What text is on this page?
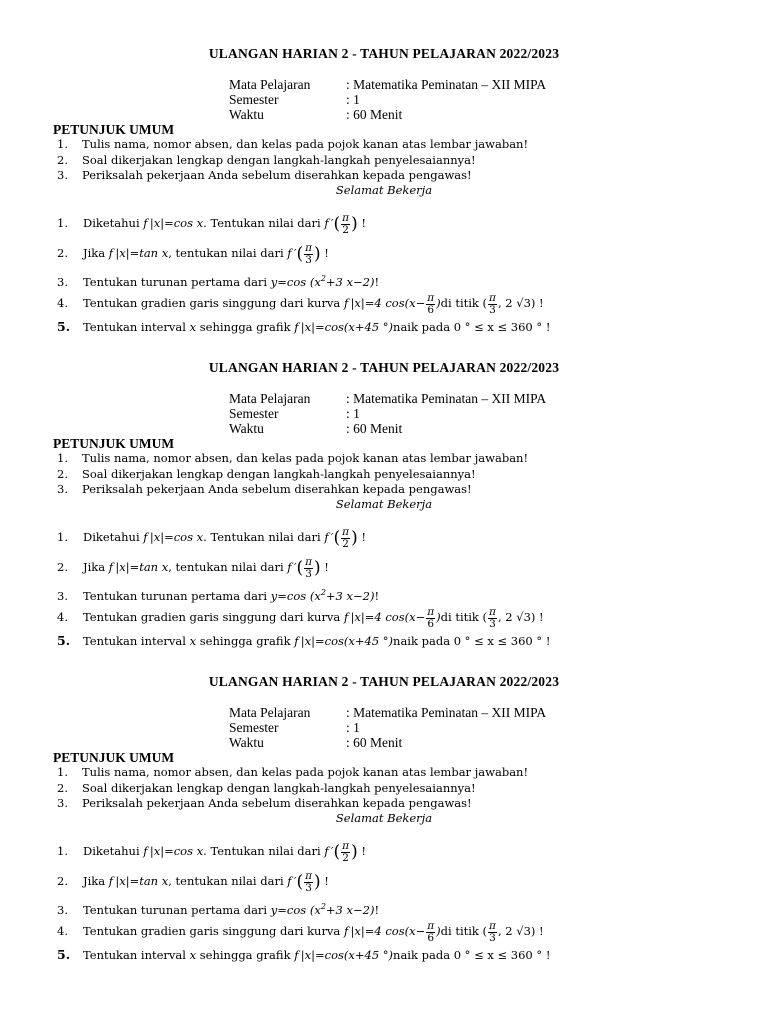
ULANGAN HARIAN 2 - TAHUN PELAJARAN 2022/2023
Mata Pelajaran	: Matematika Peminatan – XII MIPA
Semester	: 1
Waktu	: 60 Menit
PETUNJUK UMUM
1. Tulis nama, nomor absen, dan kelas pada pojok kanan atas lembar jawaban!
2. Soal dikerjakan lengkap dengan langkah-langkah penyelesaiannya!
3. Periksalah pekerjaan Anda sebelum diserahkan kepada pengawas!
Selamat Bekerja
1. Diketahui f |x|=cos x. Tentukan nilai dari f ′( $\frac{\pi}{2}$ ) !
2. Jika f |x|=tan x, tentukan nilai dari f ′( $\frac{\pi}{3}$ ) !
3. Tentukan turunan pertama dari y=cos ($x^2+3$ x−2)!
4. Tentukan gradien garis singgung dari kurva f |x|=4 $\cos(x- \frac{\pi}{6} )di$ titik ( $\frac{\pi}{3}$ , 2 √3) !
5. Tentukan interval x sehingga grafik f |x|=cos(x+45 °)naik pada 0 ° ≤ x ≤ 360 ° !
ULANGAN HARIAN 2 - TAHUN PELAJARAN 2022/2023
Mata Pelajaran	: Matematika Peminatan – XII MIPA
Semester	: 1
Waktu	: 60 Menit
PETUNJUK UMUM
1. Tulis nama, nomor absen, dan kelas pada pojok kanan atas lembar jawaban!
2. Soal dikerjakan lengkap dengan langkah-langkah penyelesaiannya!
3. Periksalah pekerjaan Anda sebelum diserahkan kepada pengawas!
Selamat Bekerja
1. Diketahui f |x|=cos x. Tentukan nilai dari f ′( $\frac{\pi}{2}$ ) !
2. Jika f |x|=tan x, tentukan nilai dari f ′( $\frac{\pi}{3}$ ) !
3. Tentukan turunan pertama dari y=cos ($x^2+3$ x−2)!
4. Tentukan gradien garis singgung dari kurva f |x|=4 $\cos(x- \frac{\pi}{6} )di$ titik ( $\frac{\pi}{3}$ , 2 √3) !
5. Tentukan interval x sehingga grafik f |x|=cos(x+45 °)naik pada 0 ° ≤ x ≤ 360 ° !
ULANGAN HARIAN 2 - TAHUN PELAJARAN 2022/2023
Mata Pelajaran	: Matematika Peminatan – XII MIPA
Semester	: 1
Waktu	: 60 Menit
PETUNJUK UMUM
1. Tulis nama, nomor absen, dan kelas pada pojok kanan atas lembar jawaban!
2. Soal dikerjakan lengkap dengan langkah-langkah penyelesaiannya!
3. Periksalah pekerjaan Anda sebelum diserahkan kepada pengawas!
Selamat Bekerja
1. Diketahui f |x|=cos x. Tentukan nilai dari f ′( $\frac{\pi}{2}$ ) !
2. Jika f |x|=tan x, tentukan nilai dari f ′( $\frac{\pi}{3}$ ) !
3. Tentukan turunan pertama dari y=cos ($x^2+3$ x−2)!
4. Tentukan gradien garis singgung dari kurva f |x|=4 $\cos(x- \frac{\pi}{6} )di$ titik ( $\frac{\pi}{3}$ , 2 √3) !
5. Tentukan interval x sehingga grafik f |x|=cos(x+45 °)naik pada 0 ° ≤ x ≤ 360 ° !
